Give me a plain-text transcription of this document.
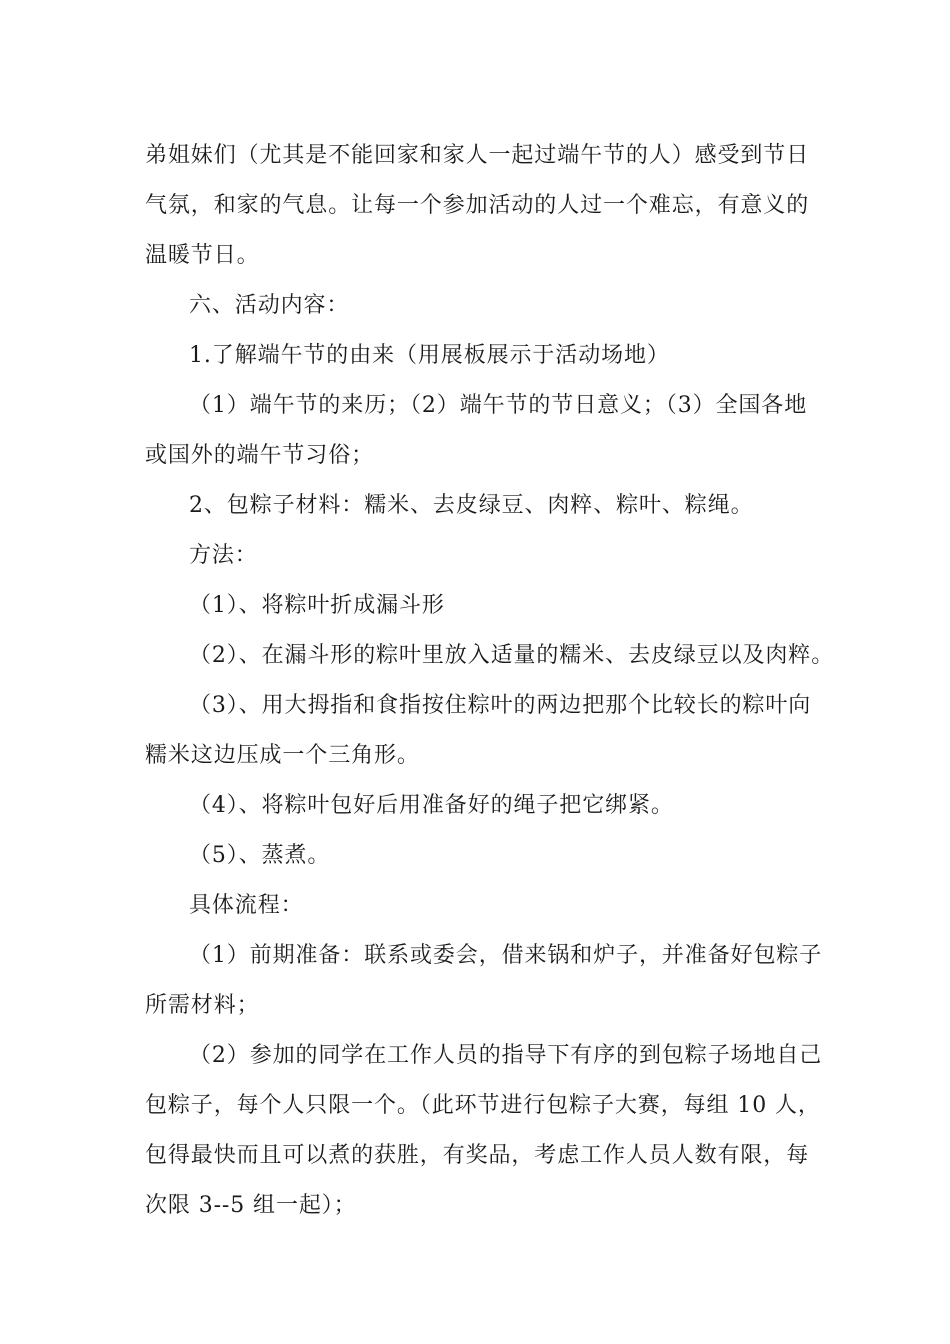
弟姐妹们（尤其是不能回家和家人一起过端午节的人）感受到节日

气氛，和家的气息。让每一个参加活动的人过一个难忘，有意义的

温暖节日。

六、活动内容：

1.了解端午节的由来（用展板展示于活动场地）

（1）端午节的来历；（2）端午节的节日意义；（3）全国各地

或国外的端午节习俗；

2、包粽子材料：糯米、去皮绿豆、肉粹、粽叶、粽绳。

方法：

（1）、将粽叶折成漏斗形

（2）、在漏斗形的粽叶里放入适量的糯米、去皮绿豆以及肉粹。

（3）、用大拇指和食指按住粽叶的两边把那个比较长的粽叶向

糯米这边压成一个三角形。

（4）、将粽叶包好后用准备好的绳子把它绑紧。

（5）、蒸煮。

具体流程：

（1）前期准备：联系或委会，借来锅和炉子，并准备好包粽子

所需材料；

（2）参加的同学在工作人员的指导下有序的到包粽子场地自己

包粽子，每个人只限一个。（此环节进行包粽子大赛，每组 10 人，

包得最快而且可以煮的获胜，有奖品，考虑工作人员人数有限，每

次限 3--5 组一起）；
